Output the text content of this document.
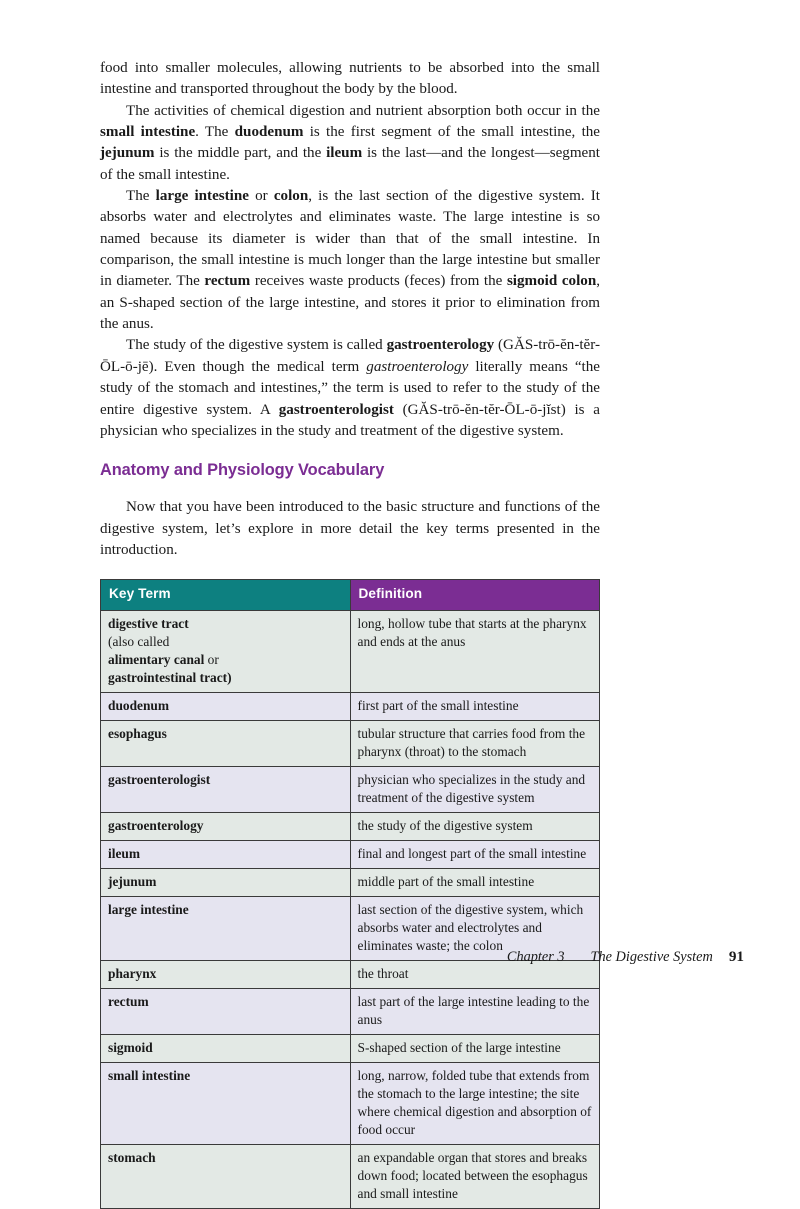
food into smaller molecules, allowing nutrients to be absorbed into the small intestine and transported throughout the body by the blood.

The activities of chemical digestion and nutrient absorption both occur in the small intestine. The duodenum is the first segment of the small intestine, the jejunum is the middle part, and the ileum is the last—and the longest—segment of the small intestine.

The large intestine or colon, is the last section of the digestive system. It absorbs water and electrolytes and eliminates waste. The large intestine is so named because its diameter is wider than that of the small intestine. In comparison, the small intestine is much longer than the large intestine but smaller in diameter. The rectum receives waste products (feces) from the sigmoid colon, an S-shaped section of the large intestine, and stores it prior to elimination from the anus.

The study of the digestive system is called gastroenterology (GĂS-trō-ĕn-tĕr-ŌL-ō-jē). Even though the medical term gastroenterology literally means “the study of the stomach and intestines,” the term is used to refer to the study of the entire digestive system. A gastroenterologist (GĂS-trō-ĕn-tĕr-ŌL-ō-jĭst) is a physician who specializes in the study and treatment of the digestive system.

Anatomy and Physiology Vocabulary

Now that you have been introduced to the basic structure and functions of the digestive system, let’s explore in more detail the key terms presented in the introduction.

Key Term	Definition
digestive tract
(also called
alimentary canal or
gastrointestinal tract)	long, hollow tube that starts at the pharynx and ends at the anus
duodenum	first part of the small intestine
esophagus	tubular structure that carries food from the pharynx (throat) to the stomach
gastroenterologist	physician who specializes in the study and treatment of the digestive system
gastroenterology	the study of the digestive system
ileum	final and longest part of the small intestine
jejunum	middle part of the small intestine
large intestine	last section of the digestive system, which absorbs water and electrolytes and eliminates waste; the colon
pharynx	the throat
rectum	last part of the large intestine leading to the anus
sigmoid	S-shaped section of the large intestine
small intestine	long, narrow, folded tube that extends from the stomach to the large intestine; the site where chemical digestion and absorption of food occur
stomach	an expandable organ that stores and breaks down food; located between the esophagus and small intestine
Chapter 3 The Digestive System 91
